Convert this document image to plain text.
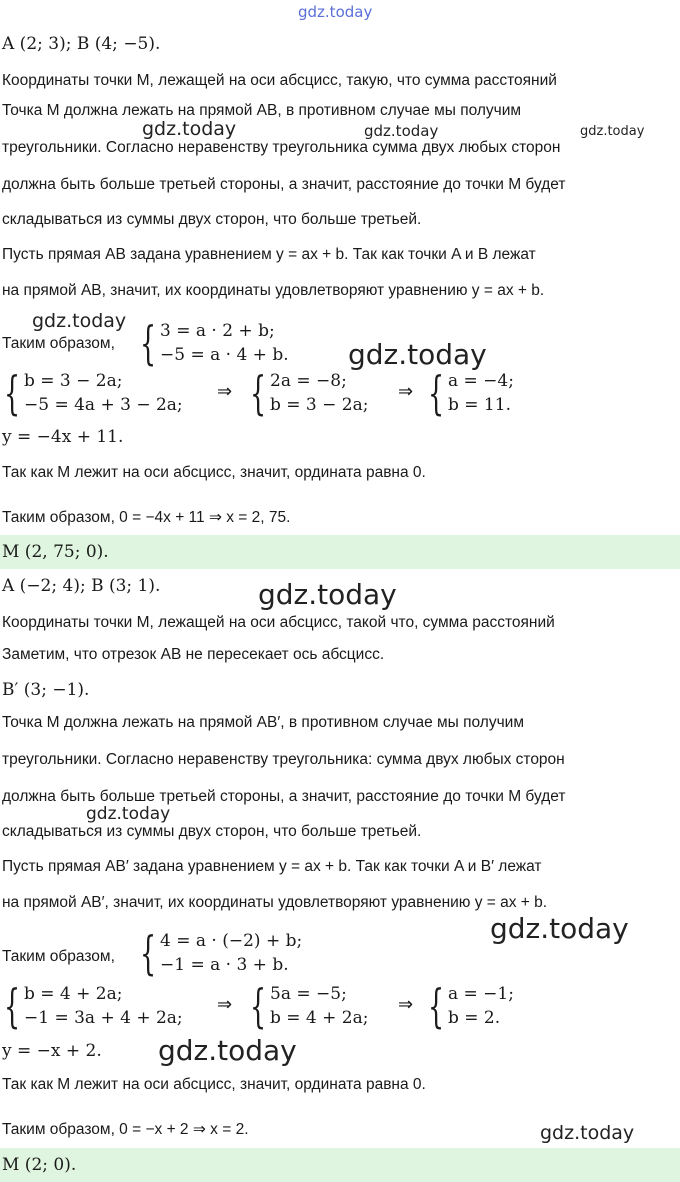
gdz.today
gdz.today	gdz.today	gdz.today
gdz.today
gdz.today
gdz.today
gdz.today
gdz.today
gdz.today
gdz.today
A (2; 3); B (4; −5).
Координаты точки M, лежащей на оси абсцисс, такую, что сумма расстояний
Точка M должна лежать на прямой AB, в противном случае мы получим
треугольники. Согласно неравенству треугольника сумма двух любых сторон
должна быть больше третьей стороны, а значит, расстояние до точки M будет
складываться из суммы двух сторон, что больше третьей.
Пусть прямая AB задана уравнением y = ax + b. Так как точки A и B лежат
на прямой AB, значит, их координаты удовлетворяют уравнению y = ax + b.
Таким образом, { 3 = a · 2 + b;
−5 = a · 4 + b.
{ b = 3 − 2a;
−5 = 4a + 3 − 2a;
⇒ { 2a = −8;
b = 3 − 2a;
⇒ { a = −4;
b = 11.
y = −4x + 11.
Так как M лежит на оси абсцисс, значит, ордината равна 0.
Таким образом, 0 = −4x + 11 ⇒ x = 2, 75.
M (2, 75; 0).
A (−2; 4); B (3; 1).
Координаты точки M, лежащей на оси абсцисс, такой что, сумма расстояний
Заметим, что отрезок AB не пересекает ось абсцисс.
B′ (3; −1).
Точка M должна лежать на прямой AB′, в противном случае мы получим
треугольники. Согласно неравенству треугольника: сумма двух любых сторон
должна быть больше третьей стороны, а значит, расстояние до точки M будет
складываться из суммы двух сторон, что больше третьей.
Пусть прямая AB′ задана уравнением y = ax + b. Так как точки A и B′ лежат
на прямой AB′, значит, их координаты удовлетворяют уравнению y = ax + b.
Таким образом, { 4 = a · (−2) + b;
−1 = a · 3 + b.
{ b = 4 + 2a;
−1 = 3a + 4 + 2a;
⇒ { 5a = −5;
b = 4 + 2a;
⇒ { a = −1;
b = 2.
y = −x + 2.
Так как M лежит на оси абсцисс, значит, ордината равна 0.
Таким образом, 0 = −x + 2 ⇒ x = 2.
M (2; 0).
